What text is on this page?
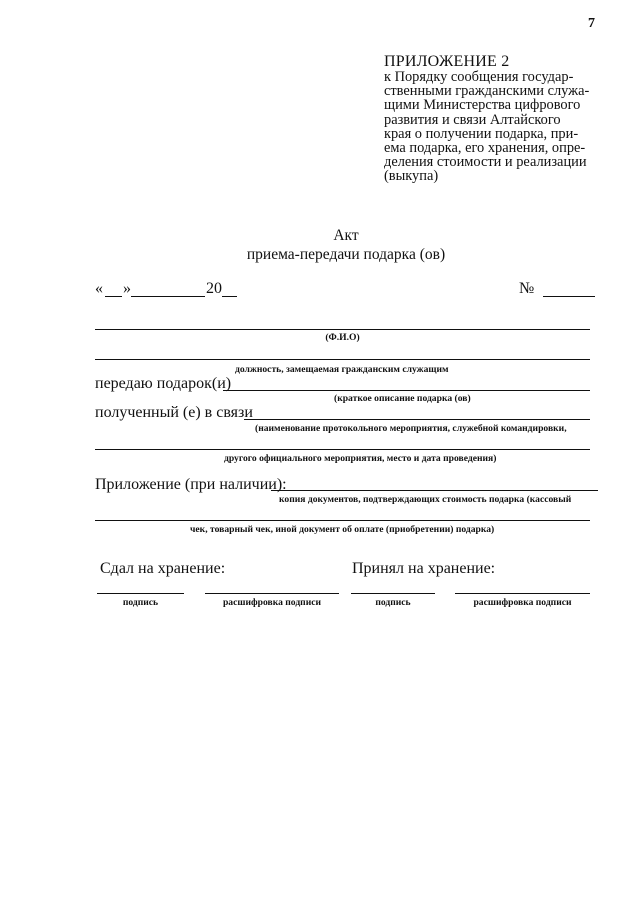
7
ПРИЛОЖЕНИЕ 2
к Порядку сообщения государ-
ственными гражданскими служа-
щими Министерства цифрового
развития и связи Алтайского
края о получении подарка, при-
ема подарка, его хранения, опре-
деления стоимости и реализации
(выкупа)
Акт
приема-передачи подарка (ов)
« »	20	№
(Ф.И.О)
должность, замещаемая гражданским служащим
передаю подарок(и)
(краткое описание подарка (ов)
полученный (е) в связи
(наименование протокольного мероприятия, служебной командировки,
другого официального мероприятия, место и дата проведения)
Приложение (при наличии):
копия документов, подтверждающих стоимость подарка (кассовый
чек, товарный чек, иной документ об оплате (приобретении) подарка)
Сдал на хранение:	Принял на хранение:
подпись	расшифровка подписи	подпись	расшифровка подписи
